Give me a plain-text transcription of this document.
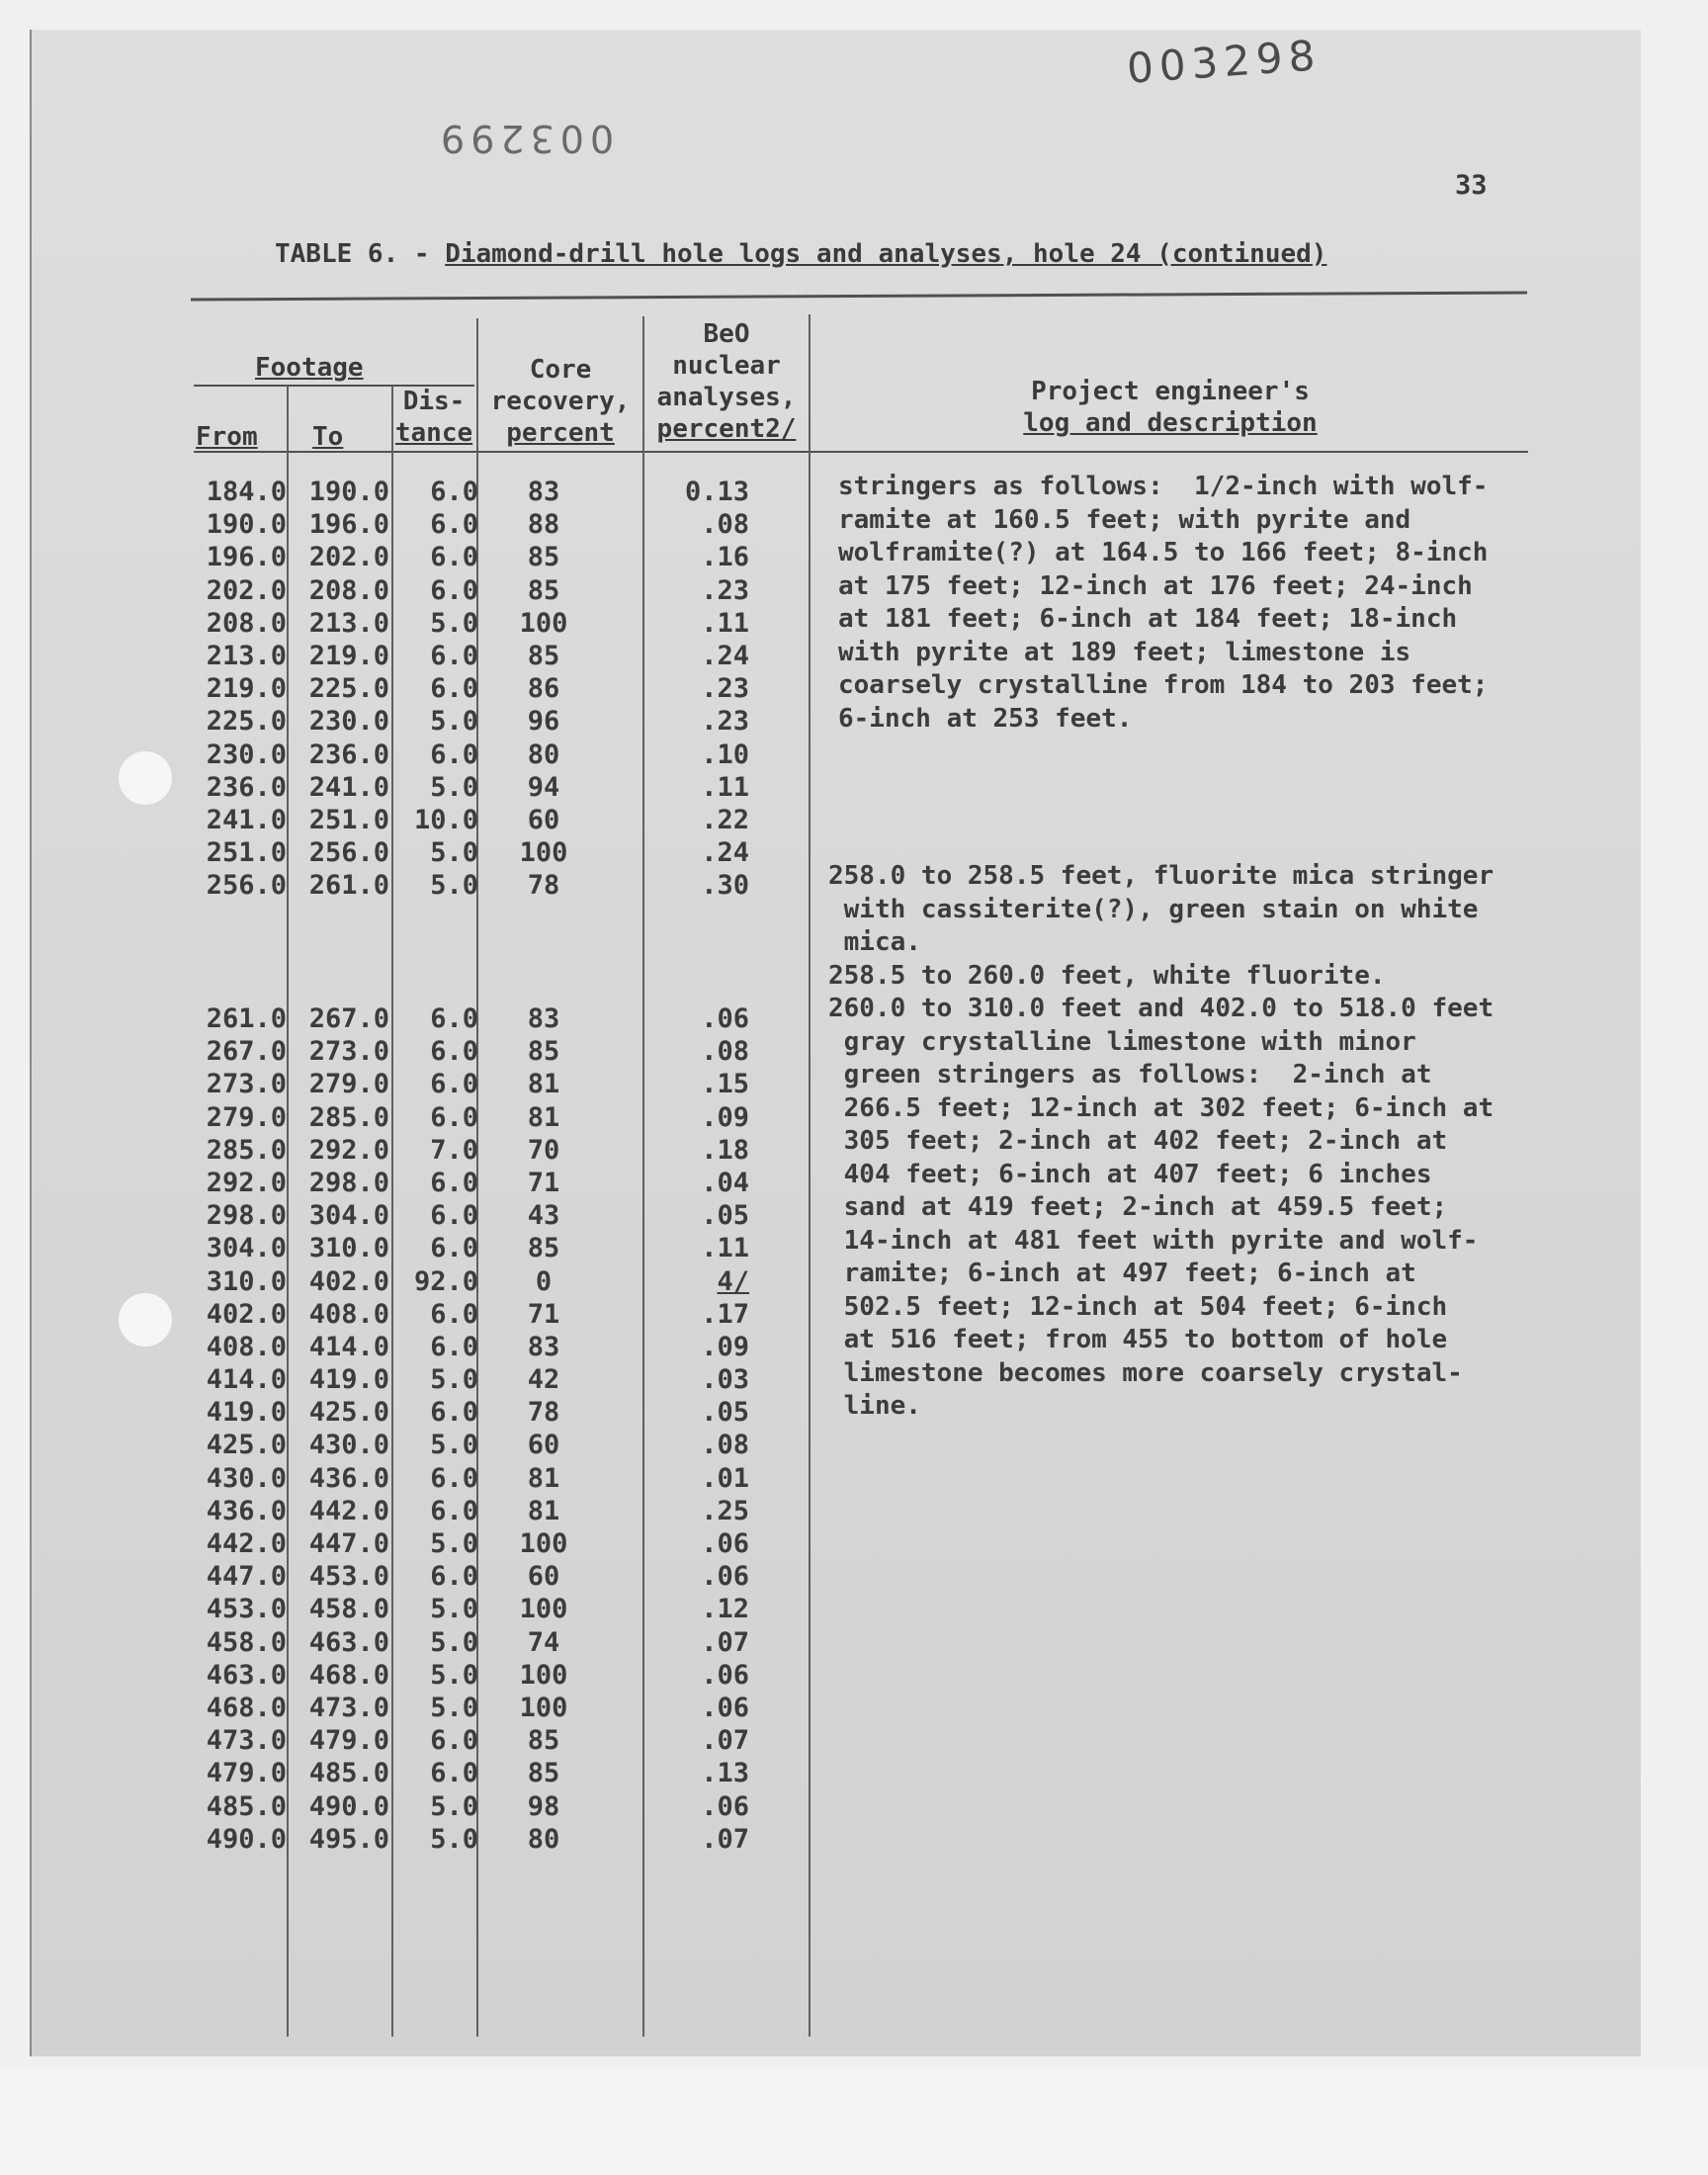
003298
003299
33
TABLE 6. - Diamond-drill hole logs and analyses, hole 24 (continued)
Footage
From To
Dis-
tance
Core
recovery,
percent
BeO
nuclear
analyses,
percent2/
Project engineer's
log and description
184.0 190.0	6.0	83	0.13
190.0 196.0	6.0	88	.08
196.0 202.0	6.0	85	.16
202.0 208.0	6.0	85	.23
208.0 213.0	5.0	100	.11
213.0 219.0	6.0	85	.24
219.0 225.0	6.0	86	.23
225.0 230.0	5.0	96	.23
230.0 236.0	6.0	80	.10
236.0 241.0	5.0	94	.11
241.0 251.0 10.0	60	.22
251.0 256.0	5.0	100	.24
256.0 261.0	5.0	78	.30
261.0 267.0	6.0	83	.06
267.0 273.0	6.0	85	.08
273.0 279.0	6.0	81	.15
279.0 285.0	6.0	81	.09
285.0 292.0	7.0	70	.18
292.0 298.0	6.0	71	.04
298.0 304.0	6.0	43	.05
304.0 310.0	6.0	85	.11
310.0 402.0 92.0	0	4/
402.0 408.0	6.0	71	.17
408.0 414.0	6.0	83	.09
414.0 419.0	5.0	42	.03
419.0 425.0	6.0	78	.05
425.0 430.0	5.0	60	.08
430.0 436.0	6.0	81	.01
436.0 442.0	6.0	81	.25
442.0 447.0	5.0	100	.06
447.0 453.0	6.0	60	.06
453.0 458.0	5.0	100	.12
458.0 463.0	5.0	74	.07
463.0 468.0	5.0	100	.06
468.0 473.0	5.0	100	.06
473.0 479.0	6.0	85	.07
479.0 485.0	6.0	85	.13
485.0 490.0	5.0	98	.06
490.0 495.0	5.0	80	.07
stringers as follows:  1/2-inch with wolf-
ramite at 160.5 feet; with pyrite and
wolframite(?) at 164.5 to 166 feet; 8-inch
at 175 feet; 12-inch at 176 feet; 24-inch
at 181 feet; 6-inch at 184 feet; 18-inch
with pyrite at 189 feet; limestone is
coarsely crystalline from 184 to 203 feet;
6-inch at 253 feet.
258.0 to 258.5 feet, fluorite mica stringer
with cassiterite(?), green stain on white
mica.
258.5 to 260.0 feet, white fluorite.
260.0 to 310.0 feet and 402.0 to 518.0 feet
gray crystalline limestone with minor
green stringers as follows:  2-inch at
266.5 feet; 12-inch at 302 feet; 6-inch at
305 feet; 2-inch at 402 feet; 2-inch at
404 feet; 6-inch at 407 feet; 6 inches
sand at 419 feet; 2-inch at 459.5 feet;
14-inch at 481 feet with pyrite and wolf-
ramite; 6-inch at 497 feet; 6-inch at
502.5 feet; 12-inch at 504 feet; 6-inch
at 516 feet; from 455 to bottom of hole
limestone becomes more coarsely crystal-
line.
